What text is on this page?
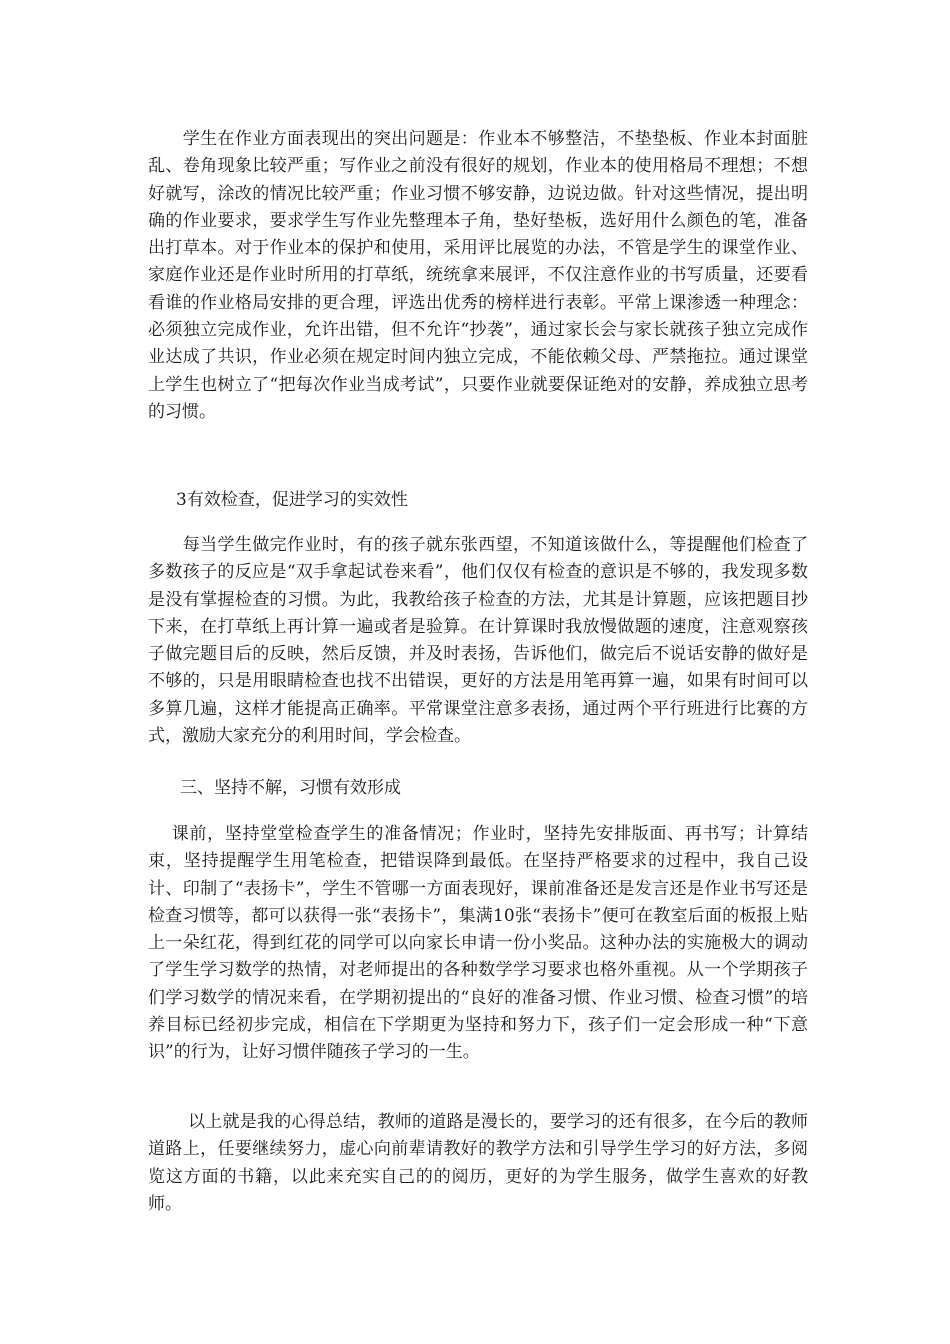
　　学生在作业方面表现出的突出问题是：作业本不够整洁，不垫垫板、作业本封面脏乱、卷角现象比较严重；写作业之前没有很好的规划，作业本的使用格局不理想；不想好就写，涂改的情况比较严重；作业习惯不够安静，边说边做。针对这些情况，提出明确的作业要求，要求学生写作业先整理本子角，垫好垫板，选好用什么颜色的笔，准备出打草本。对于作业本的保护和使用，采用评比展览的办法，不管是学生的课堂作业、家庭作业还是作业时所用的打草纸，统统拿来展评，不仅注意作业的书写质量，还要看看谁的作业格局安排的更合理，评选出优秀的榜样进行表彰。平常上课渗透一种理念：必须独立完成作业，允许出错，但不允许“抄袭”，通过家长会与家长就孩子独立完成作业达成了共识，作业必须在规定时间内独立完成，不能依赖父母、严禁拖拉。通过课堂上学生也树立了“把每次作业当成考试”，只要作业就要保证绝对的安静，养成独立思考的习惯。

3有效检查，促进学习的实效性

　　每当学生做完作业时，有的孩子就东张西望，不知道该做什么，等提醒他们检查了多数孩子的反应是“双手拿起试卷来看”，他们仅仅有检查的意识是不够的，我发现多数是没有掌握检查的习惯。为此，我教给孩子检查的方法，尤其是计算题，应该把题目抄下来，在打草纸上再计算一遍或者是验算。在计算课时我放慢做题的速度，注意观察孩子做完题目后的反映，然后反馈，并及时表扬，告诉他们，做完后不说话安静的做好是不够的，只是用眼睛检查也找不出错误，更好的方法是用笔再算一遍，如果有时间可以多算几遍，这样才能提高正确率。平常课堂注意多表扬，通过两个平行班进行比赛的方式，激励大家充分的利用时间，学会检查。

三、坚持不解，习惯有效形成

　 课前，坚持堂堂检查学生的准备情况；作业时，坚持先安排版面、再书写；计算结束，坚持提醒学生用笔检查，把错误降到最低。在坚持严格要求的过程中，我自己设计、印制了“表扬卡”，学生不管哪一方面表现好，课前准备还是发言还是作业书写还是检查习惯等，都可以获得一张“表扬卡”，集满10张“表扬卡”便可在教室后面的板报上贴上一朵红花，得到红花的同学可以向家长申请一份小奖品。这种办法的实施极大的调动了学生学习数学的热情，对老师提出的各种数学学习要求也格外重视。从一个学期孩子们学习数学的情况来看，在学期初提出的“良好的准备习惯、作业习惯、检查习惯”的培养目标已经初步完成，相信在下学期更为坚持和努力下，孩子们一定会形成一种“下意识”的行为，让好习惯伴随孩子学习的一生。

　　 以上就是我的心得总结，教师的道路是漫长的，要学习的还有很多，在今后的教师道路上，任要继续努力，虚心向前辈请教好的教学方法和引导学生学习的好方法，多阅览这方面的书籍，以此来充实自己的的阅历，更好的为学生服务，做学生喜欢的好教师。
